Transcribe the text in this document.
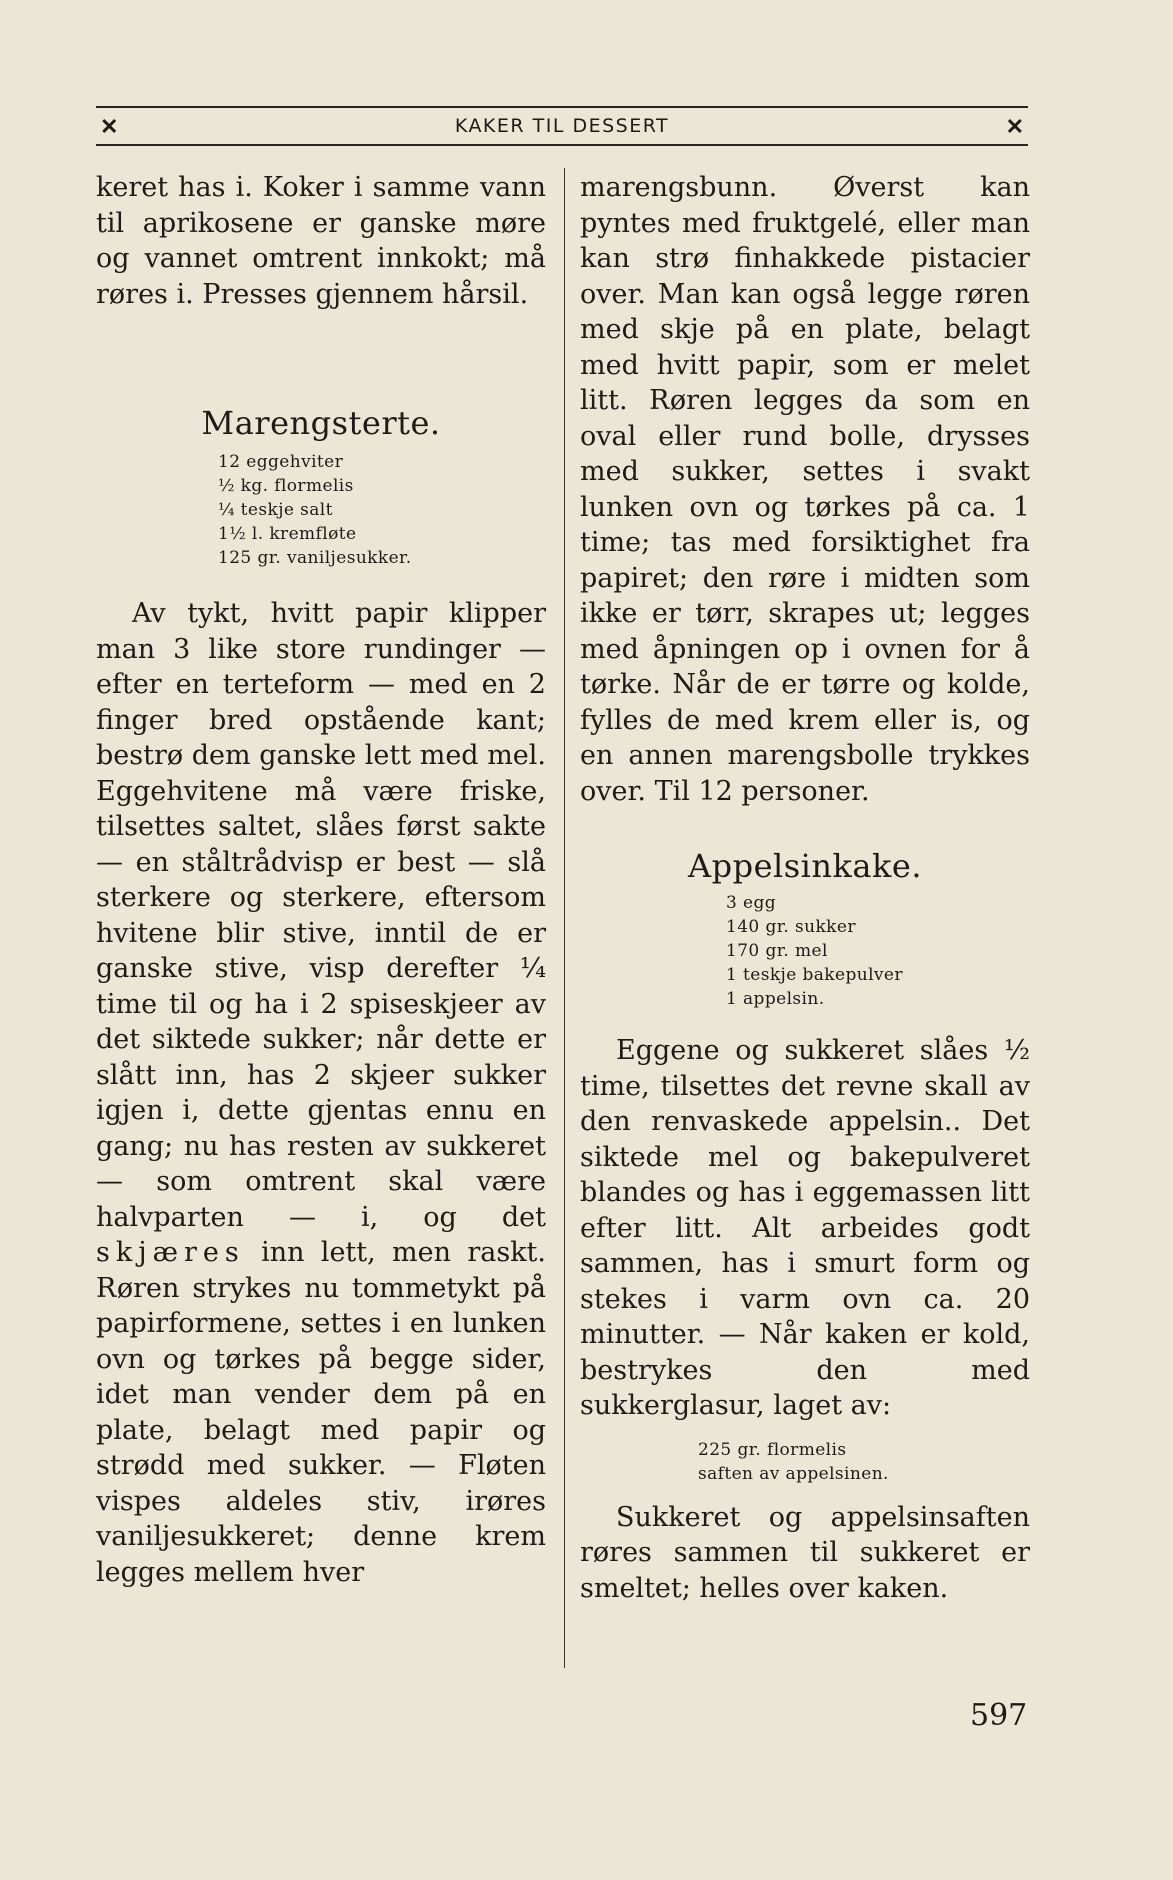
✕	KAKER TIL DESSERT	✕

keret has i. Koker i samme vann til aprikosene er ganske møre og vannet omtrent innkokt; må røres i. Presses gjennem hårsil.

Marengsterte.
12 eggehviter
½ kg. flormelis
¼ teskje salt
1½ l. kremfløte
125 gr. vaniljesukker.

Av tykt, hvitt papir klipper man 3 like store rundinger — efter en terteform — med en 2 finger bred opstående kant; bestrø dem ganske lett med mel. Eggehvitene må være friske, tilsettes saltet, slåes først sakte — en ståltrådvisp er best — slå sterkere og sterkere, eftersom hvitene blir stive, inntil de er ganske stive, visp derefter ¼ time til og ha i 2 spiseskjeer av det siktede sukker; når dette er slått inn, has 2 skjeer sukker igjen i, dette gjentas ennu en gang; nu has resten av sukkeret — som omtrent skal være halvparten — i, og det skjæres inn lett, men raskt. Røren strykes nu tommetykt på papirformene, settes i en lunken ovn og tørkes på begge sider, idet man vender dem på en plate, belagt med papir og strødd med sukker. — Fløten vispes aldeles stiv, irøres vaniljesukkeret; denne krem legges mellem hver

marengsbunn. Øverst kan pyntes med fruktgelé, eller man kan strø finhakkede pistacier over. Man kan også legge røren med skje på en plate, belagt med hvitt papir, som er melet litt. Røren legges da som en oval eller rund bolle, drysses med sukker, settes i svakt lunken ovn og tørkes på ca. 1 time; tas med forsiktighet fra papiret; den røre i midten som ikke er tørr, skrapes ut; legges med åpningen op i ovnen for å tørke. Når de er tørre og kolde, fylles de med krem eller is, og en annen marengsbolle trykkes over. Til 12 personer.

Appelsinkake.
3 egg
140 gr. sukker
170 gr. mel
1 teskje bakepulver
1 appelsin.

Eggene og sukkeret slåes ½ time, tilsettes det revne skall av den renvaskede appelsin.. Det siktede mel og bakepulveret blandes og has i eggemassen litt efter litt. Alt arbeides godt sammen, has i smurt form og stekes i varm ovn ca. 20 minutter. — Når kaken er kold, bestrykes den med sukkerglasur, laget av:

225 gr. flormelis
saften av appelsinen.

Sukkeret og appelsinsaften røres sammen til sukkeret er smeltet; helles over kaken.

597
